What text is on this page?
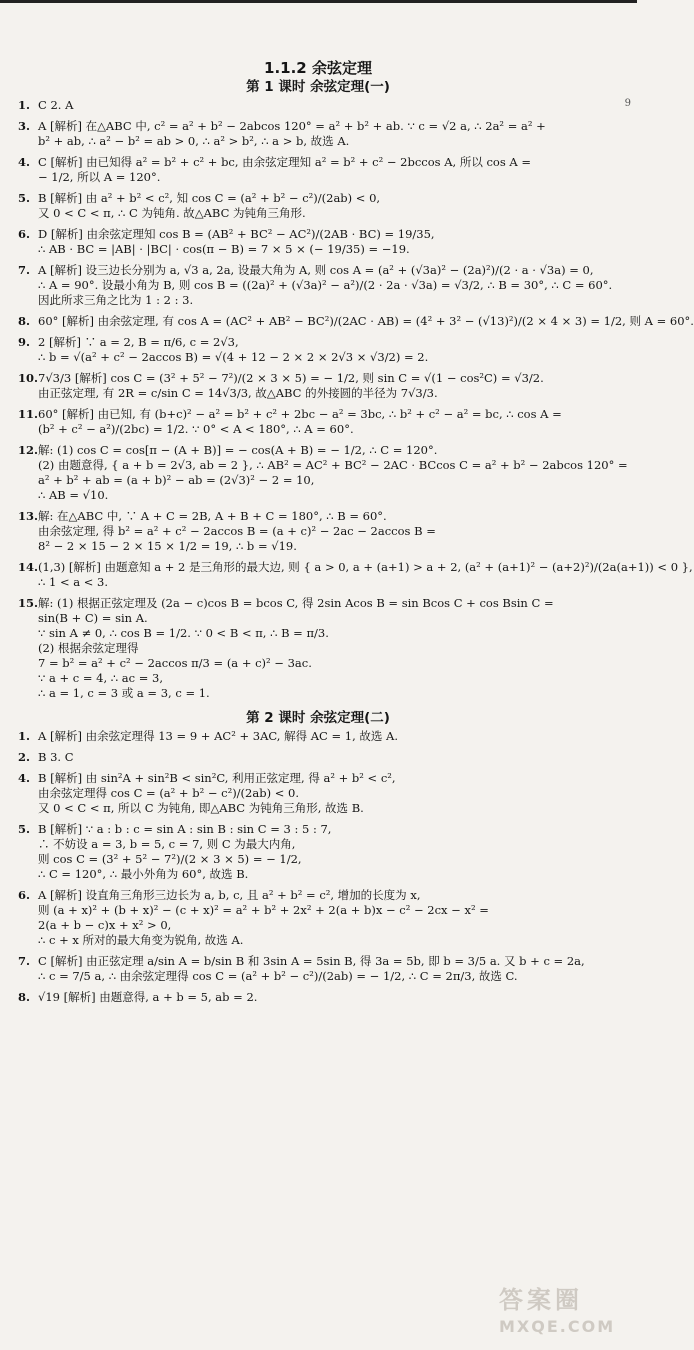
9
1.1.2 余弦定理
第 1 课时 余弦定理(一)
1. C 2. A
3. A [解析] 在△ABC 中, c² = a² + b² − 2abcos 120° = a² + b² + ab. ∵ c = √2 a, ∴ 2a² = a² +
b² + ab, ∴ a² − b² = ab > 0, ∴ a² > b², ∴ a > b, 故选 A.
4. C [解析] 由已知得 a² = b² + c² + bc, 由余弦定理知 a² = b² + c² − 2bccos A, 所以 cos A =
− 1/2, 所以 A = 120°.
5. B [解析] 由 a² + b² < c², 知 cos C = (a² + b² − c²)/(2ab) < 0,
又 0 < C < π, ∴ C 为钝角. 故△ABC 为钝角三角形.
6. D [解析] 由余弦定理知 cos B = (AB² + BC² − AC²)/(2AB · BC) = 19/35,
∴ AB · BC = |AB| · |BC| · cos(π − B) = 7 × 5 × (− 19/35) = −19.
7. A [解析] 设三边长分别为 a, √3 a, 2a, 设最大角为 A, 则 cos A = (a² + (√3a)² − (2a)²)/(2 · a · √3a) = 0,
∴ A = 90°. 设最小角为 B, 则 cos B = ((2a)² + (√3a)² − a²)/(2 · 2a · √3a) = √3/2, ∴ B = 30°, ∴ C = 60°.
因此所求三角之比为 1 : 2 : 3.
8. 60° [解析] 由余弦定理, 有 cos A = (AC² + AB² − BC²)/(2AC · AB) = (4² + 3² − (√13)²)/(2 × 4 × 3) = 1/2, 则 A = 60°.
9. 2 [解析] ∵ a = 2, B = π/6, c = 2√3,
∴ b = √(a² + c² − 2accos B) = √(4 + 12 − 2 × 2 × 2√3 × √3/2) = 2.
10.7√3/3 [解析] cos C = (3² + 5² − 7²)/(2 × 3 × 5) = − 1/2, 则 sin C = √(1 − cos²C) = √3/2.
由正弦定理, 有 2R = c/sin C = 14√3/3, 故△ABC 的外接圆的半径为 7√3/3.
11.60° [解析] 由已知, 有 (b+c)² − a² = b² + c² + 2bc − a² = 3bc, ∴ b² + c² − a² = bc, ∴ cos A =
(b² + c² − a²)/(2bc) = 1/2. ∵ 0° < A < 180°, ∴ A = 60°.
12.解: (1) cos C = cos[π − (A + B)] = − cos(A + B) = − 1/2, ∴ C = 120°.
(2) 由题意得, { a + b = 2√3, ab = 2 }, ∴ AB² = AC² + BC² − 2AC · BCcos C = a² + b² − 2abcos 120° =
a² + b² + ab = (a + b)² − ab = (2√3)² − 2 = 10,
∴ AB = √10.
13.解: 在△ABC 中, ∵ A + C = 2B, A + B + C = 180°, ∴ B = 60°.
由余弦定理, 得 b² = a² + c² − 2accos B = (a + c)² − 2ac − 2accos B =
8² − 2 × 15 − 2 × 15 × 1/2 = 19, ∴ b = √19.
14.(1,3) [解析] 由题意知 a + 2 是三角形的最大边, 则 { a > 0, a + (a+1) > a + 2, (a² + (a+1)² − (a+2)²)/(2a(a+1)) < 0 },
∴ 1 < a < 3.
15.解: (1) 根据正弦定理及 (2a − c)cos B = bcos C, 得 2sin Acos B = sin Bcos C + cos Bsin C =
sin(B + C) = sin A.
∵ sin A ≠ 0, ∴ cos B = 1/2. ∵ 0 < B < π, ∴ B = π/3.
(2) 根据余弦定理得
7 = b² = a² + c² − 2accos π/3 = (a + c)² − 3ac.
∵ a + c = 4, ∴ ac = 3,
∴ a = 1, c = 3 或 a = 3, c = 1.
第 2 课时 余弦定理(二)
1. A [解析] 由余弦定理得 13 = 9 + AC² + 3AC, 解得 AC = 1, 故选 A.
2. B 3. C
4. B [解析] 由 sin²A + sin²B < sin²C, 利用正弦定理, 得 a² + b² < c²,
由余弦定理得 cos C = (a² + b² − c²)/(2ab) < 0.
又 0 < C < π, 所以 C 为钝角, 即△ABC 为钝角三角形, 故选 B.
5. B [解析] ∵ a : b : c = sin A : sin B : sin C = 3 : 5 : 7,
∴ 不妨设 a = 3, b = 5, c = 7, 则 C 为最大内角,
则 cos C = (3² + 5² − 7²)/(2 × 3 × 5) = − 1/2,
∴ C = 120°, ∴ 最小外角为 60°, 故选 B.
6. A [解析] 设直角三角形三边长为 a, b, c, 且 a² + b² = c², 增加的长度为 x,
则 (a + x)² + (b + x)² − (c + x)² = a² + b² + 2x² + 2(a + b)x − c² − 2cx − x² =
2(a + b − c)x + x² > 0,
∴ c + x 所对的最大角变为锐角, 故选 A.
7. C [解析] 由正弦定理 a/sin A = b/sin B 和 3sin A = 5sin B, 得 3a = 5b, 即 b = 3/5 a. 又 b + c = 2a,
∴ c = 7/5 a, ∴ 由余弦定理得 cos C = (a² + b² − c²)/(2ab) = − 1/2, ∴ C = 2π/3, 故选 C.
8. √19 [解析] 由题意得, a + b = 5, ab = 2.
答案圈
MXQE.COM
